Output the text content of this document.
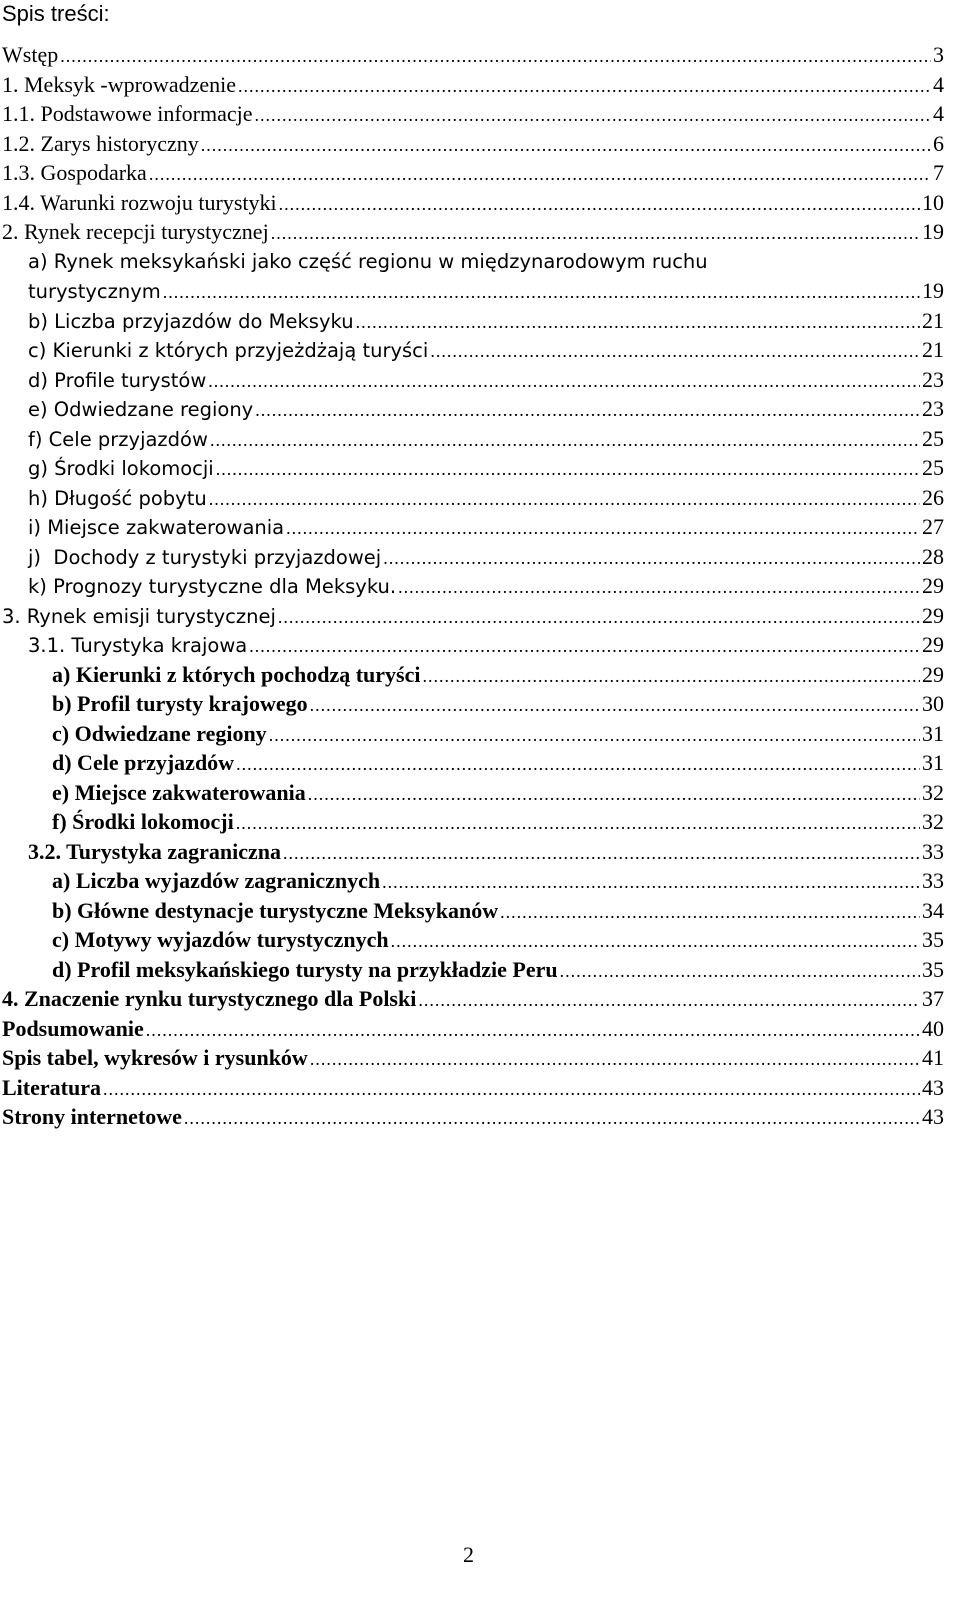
Spis treści:
Wstęp .....	3
1. Meksyk -wprowadzenie .....	4
1.1. Podstawowe informacje .....	4
1.2. Zarys historyczny .....	6
1.3. Gospodarka .....	7
1.4. Warunki rozwoju turystyki .....	10
2. Rynek recepcji turystycznej .....	19
a) Rynek meksykański jako część regionu w międzynarodowym ruchu
turystycznym .....	19
b) Liczba przyjazdów do Meksyku .....	21
c) Kierunki z których przyjeżdżają turyści .....	21
d) Profile turystów .....	23
e) Odwiedzane regiony .....	23
f) Cele przyjazdów .....	25
g) Środki lokomocji .....	25
h) Długość pobytu .....	26
i) Miejsce zakwaterowania .....	27
j)  Dochody z turystyki przyjazdowej .....	28
k) Prognozy turystyczne dla Meksyku. .....	29
3. Rynek emisji turystycznej .....	29
3.1. Turystyka krajowa .....	29
a) Kierunki z których pochodzą turyści .....	29
b) Profil turysty krajowego .....	30
c) Odwiedzane regiony .....	31
d) Cele przyjazdów .....	31
e) Miejsce zakwaterowania .....	32
f) Środki lokomocji .....	32
3.2. Turystyka zagraniczna .....	33
a) Liczba wyjazdów zagranicznych .....	33
b) Główne destynacje turystyczne Meksykanów .....	34
c) Motywy wyjazdów turystycznych .....	35
d) Profil meksykańskiego turysty na przykładzie Peru .....	35
4. Znaczenie rynku turystycznego dla Polski .....	37
Podsumowanie .....	40
Spis tabel, wykresów i rysunków .....	41
Literatura .....	43
Strony internetowe .....	43
2
